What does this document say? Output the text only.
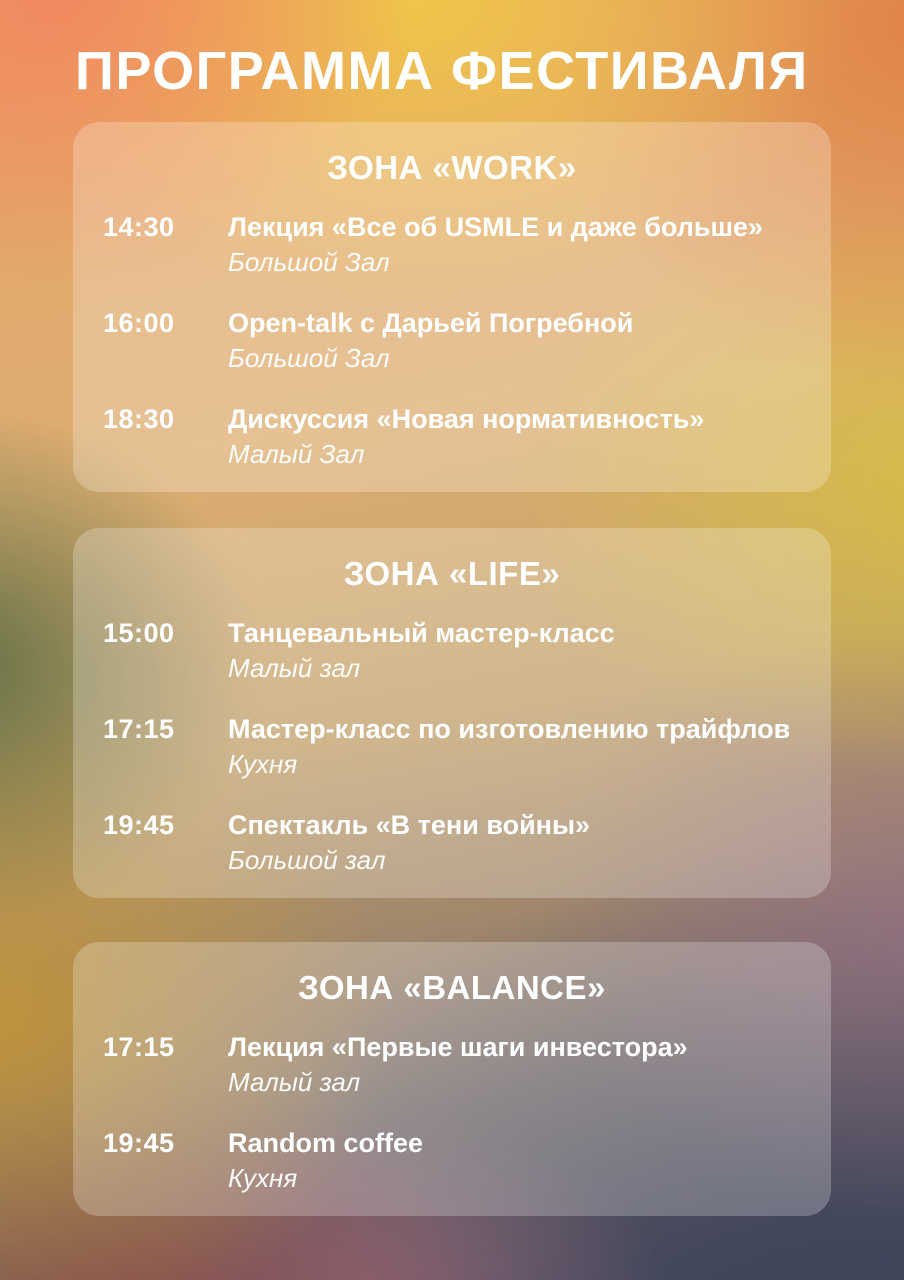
ПРОГРАММА ФЕСТИВАЛЯ
ЗОНА «WORK»
14:30	Лекция «Все об USMLE и даже больше»
Большой Зал
16:00	Open-talk с Дарьей Погребной
Большой Зал
18:30	Дискуссия «Новая нормативность»
Малый Зал
ЗОНА «LIFE»
15:00	Танцевальный мастер-класс
Малый зал
17:15	Мастер-класс по изготовлению трайфлов
Кухня
19:45	Спектакль «В тени войны»
Большой зал
ЗОНА «BALANCE»
17:15	Лекция «Первые шаги инвестора»
Малый зал
19:45	Random coffee
Кухня
